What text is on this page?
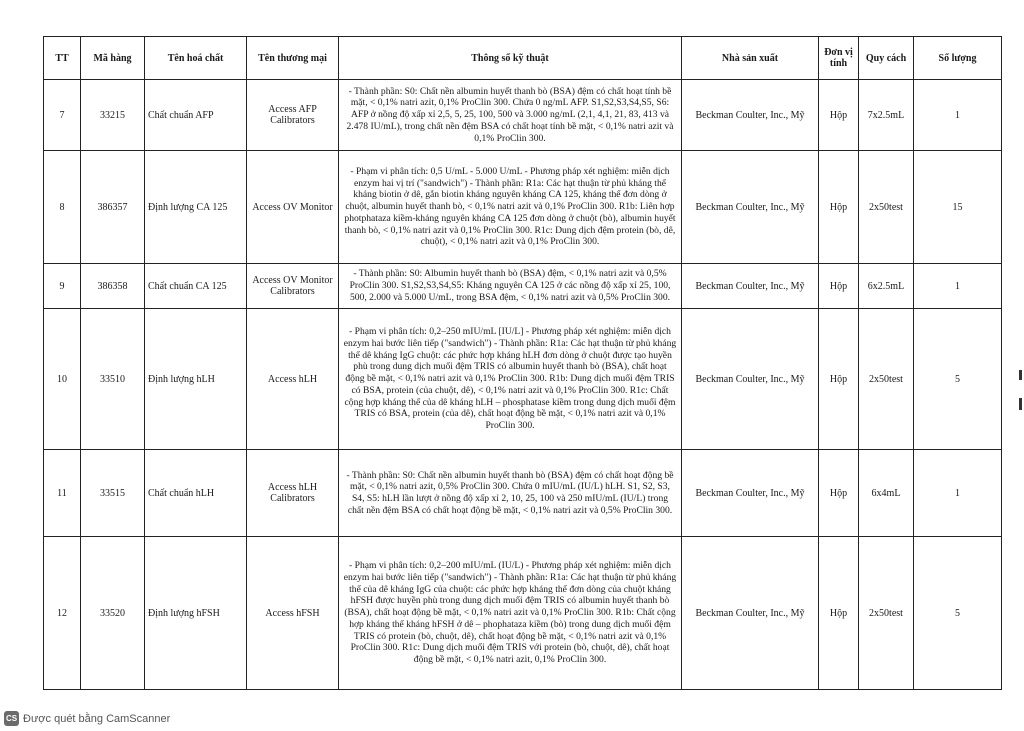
TT	Mã hàng	Tên hoá chất	Tên thương mại	Thông số kỹ thuật	Nhà sản xuất	Đơn vị tính	Quy cách	Số lượng
7	33215	Chất chuẩn AFP	Access AFP Calibrators	- Thành phần: S0: Chất nền albumin huyết thanh bò (BSA) đệm có chất hoạt tính bề mặt, < 0,1% natri azit, 0,1% ProClin 300. Chứa 0 ng/mL AFP. S1,S2,S3,S4,S5, S6: AFP ở nồng độ xấp xỉ 2,5, 5, 25, 100, 500 và 3.000 ng/mL (2,1, 4,1, 21, 83, 413 và 2.478 IU/mL), trong chất nền đệm BSA có chất hoạt tính bề mặt, < 0,1% natri azit và 0,1% ProClin 300.	Beckman Coulter, Inc., Mỹ	Hộp	7x2.5mL	1
8	386357	Định lượng CA 125	Access OV Monitor	- Phạm vi phân tích: 0,5 U/mL - 5.000 U/mL - Phương pháp xét nghiệm: miễn dịch enzym hai vị trí ("sandwich") - Thành phần: R1a: Các hạt thuận từ phủ kháng thể kháng biotin ở dê, gắn biotin kháng nguyên kháng CA 125, kháng thể đơn dòng ở chuột, albumin huyết thanh bò, < 0,1% natri azit và 0,1% ProClin 300. R1b: Liên hợp photphataza kiềm-kháng nguyên kháng CA 125 đơn dòng ở chuột (bò), albumin huyết thanh bò, < 0,1% natri azit và 0,1% ProClin 300. R1c: Dung dịch đệm protein (bò, dê, chuột), < 0,1% natri azit và 0,1% ProClin 300.	Beckman Coulter, Inc., Mỹ	Hộp	2x50test	15
9	386358	Chất chuẩn CA 125	Access OV Monitor Calibrators	- Thành phần: S0: Albumin huyết thanh bò (BSA) đệm, < 0,1% natri azit và 0,5% ProClin 300. S1,S2,S3,S4,S5: Kháng nguyên CA 125 ở các nồng độ xấp xỉ 25, 100, 500, 2.000 và 5.000 U/mL, trong BSA đệm, < 0,1% natri azit và 0,5% ProClin 300.	Beckman Coulter, Inc., Mỹ	Hộp	6x2.5mL	1
10	33510	Định lượng hLH	Access hLH	- Phạm vi phân tích: 0,2–250 mIU/mL [IU/L] - Phương pháp xét nghiệm: miễn dịch enzym hai bước liên tiếp ("sandwich") - Thành phần: R1a: Các hạt thuận từ phủ kháng thể dê kháng IgG chuột: các phức hợp kháng hLH đơn dòng ở chuột được tạo huyền phù trong dung dịch muối đệm TRIS có albumin huyết thanh bò (BSA), chất hoạt động bề mặt, < 0,1% natri azit và 0,1% ProClin 300. R1b: Dung dịch muối đệm TRIS có BSA, protein (của chuột, dê), < 0,1% natri azit và 0,1% ProClin 300. R1c: Chất cộng hợp kháng thể của dê kháng hLH – phosphatase kiềm trong dung dịch muối đệm TRIS có BSA, protein (của dê), chất hoạt động bề mặt, < 0,1% natri azit và 0,1% ProClin 300.	Beckman Coulter, Inc., Mỹ	Hộp	2x50test	5
11	33515	Chất chuẩn hLH	Access hLH Calibrators	- Thành phần: S0: Chất nền albumin huyết thanh bò (BSA) đệm có chất hoạt động bề mặt, < 0,1% natri azit, 0,5% ProClin 300. Chứa 0 mIU/mL (IU/L) hLH. S1, S2, S3, S4, S5: hLH lần lượt ở nồng độ xấp xỉ 2, 10, 25, 100 và 250 mIU/mL (IU/L) trong chất nền đệm BSA có chất hoạt động bề mặt, < 0,1% natri azit và 0,5% ProClin 300.	Beckman Coulter, Inc., Mỹ	Hộp	6x4mL	1
12	33520	Định lượng hFSH	Access hFSH	- Phạm vi phân tích: 0,2–200 mIU/mL (IU/L) - Phương pháp xét nghiệm: miễn dịch enzym hai bước liên tiếp ("sandwich") - Thành phần: R1a: Các hạt thuận từ phủ kháng thể của dê kháng IgG của chuột: các phức hợp kháng thể đơn dòng của chuột kháng hFSH được huyền phù trong dung dịch muối đệm TRIS có albumin huyết thanh bò (BSA), chất hoạt động bề mặt, < 0,1% natri azit và 0,1% ProClin 300. R1b: Chất cộng hợp kháng thể kháng hFSH ở dê – phophataza kiềm (bò) trong dung dịch muối đệm TRIS có protein (bò, chuột, dê), chất hoạt động bề mặt, < 0,1% natri azit và 0,1% ProClin 300. R1c: Dung dịch muối đệm TRIS với protein (bò, chuột, dê), chất hoạt động bề mặt, < 0,1% natri azit, 0,1% ProClin 300.	Beckman Coulter, Inc., Mỹ	Hộp	2x50test	5
CS Được quét bằng CamScanner
